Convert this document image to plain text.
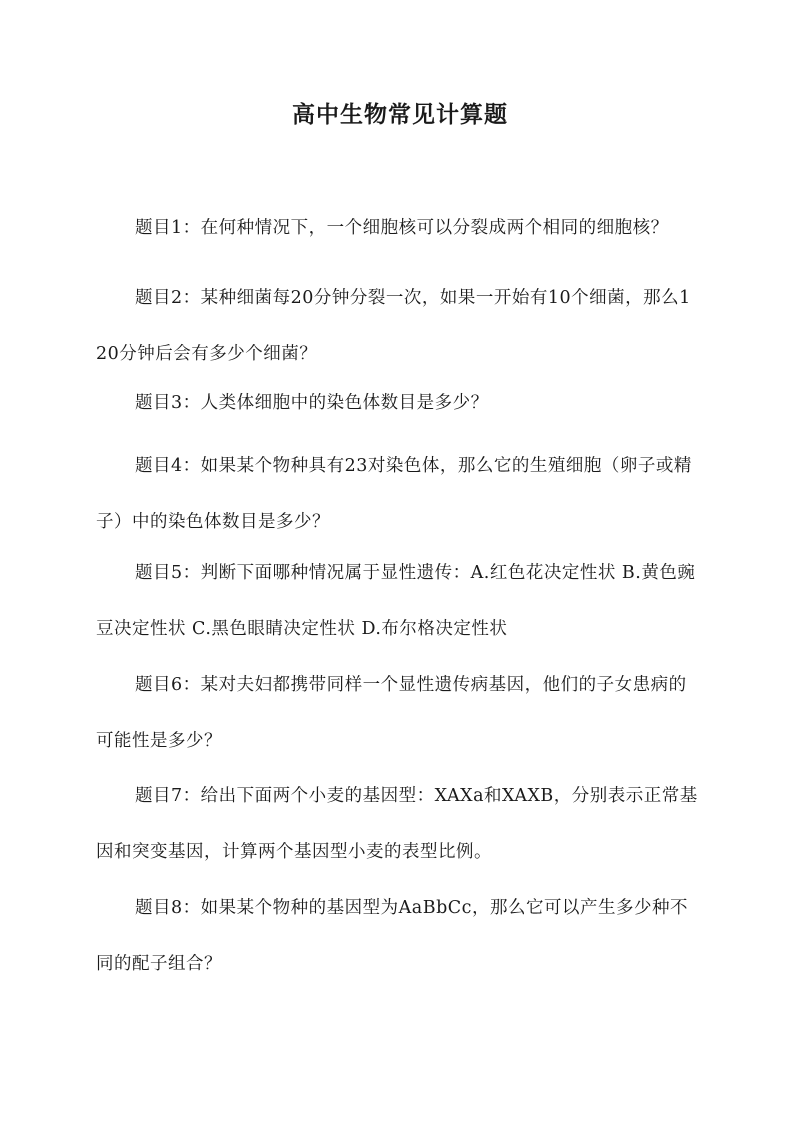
高中生物常见计算题

题目1：在何种情况下，一个细胞核可以分裂成两个相同的细胞核？

题目2：某种细菌每20分钟分裂一次，如果一开始有10个细菌，那么120分钟后会有多少个细菌？

题目3：人类体细胞中的染色体数目是多少？

题目4：如果某个物种具有23对染色体，那么它的生殖细胞（卵子或精子）中的染色体数目是多少？

题目5：判断下面哪种情况属于显性遗传：A.红色花决定性状 B.黄色豌豆决定性状 C.黑色眼睛决定性状 D.布尔格决定性状

题目6：某对夫妇都携带同样一个显性遗传病基因，他们的子女患病的可能性是多少？

题目7：给出下面两个小麦的基因型：XAXa和XAXB，分别表示正常基因和突变基因，计算两个基因型小麦的表型比例。

题目8：如果某个物种的基因型为AaBbCc，那么它可以产生多少种不同的配子组合？
